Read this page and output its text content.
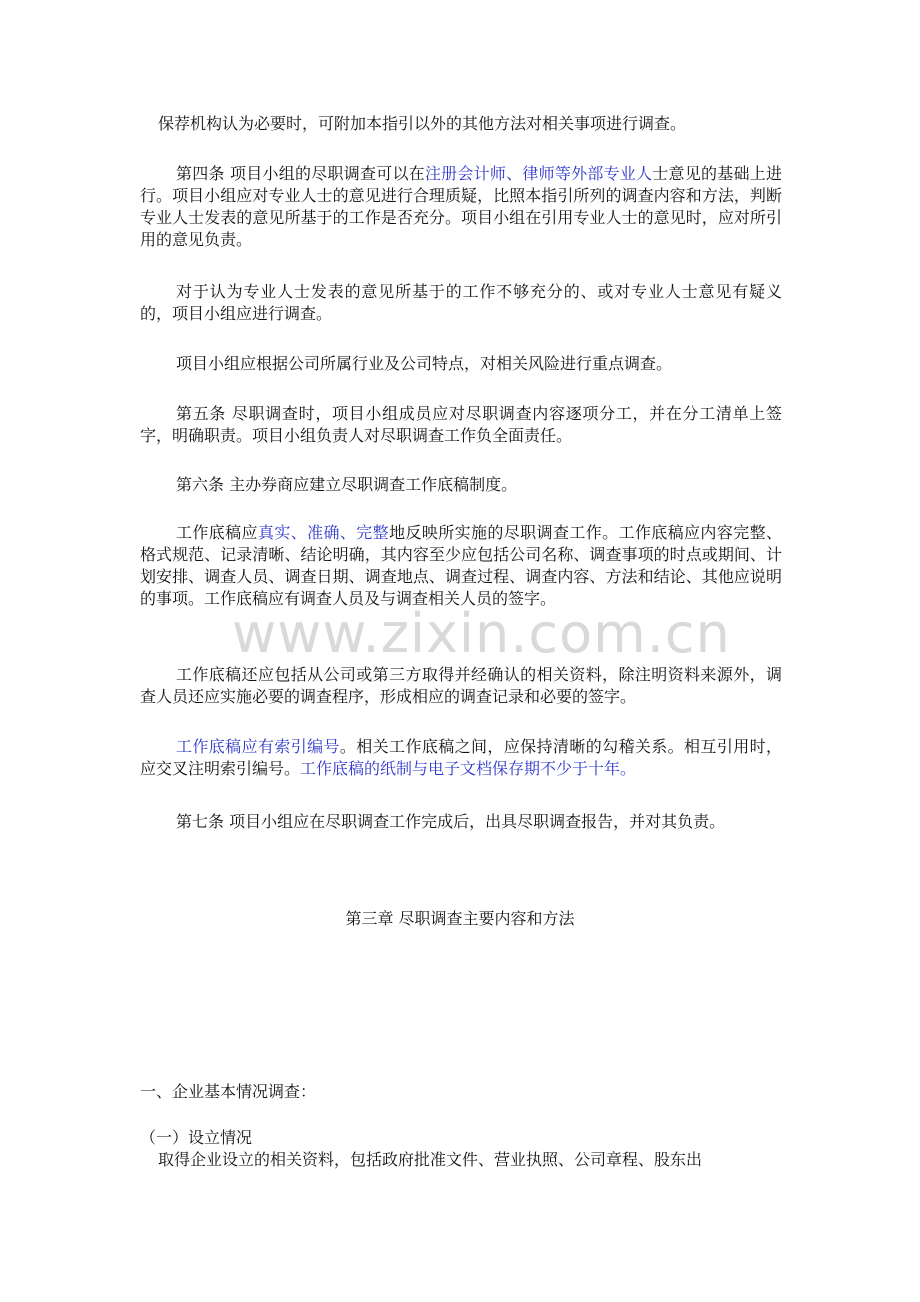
保荐机构认为必要时，可附加本指引以外的其他方法对相关事项进行调查。

第四条 项目小组的尽职调查可以在注册会计师、律师等外部专业人士意见的基础上进行。项目小组应对专业人士的意见进行合理质疑，比照本指引所列的调查内容和方法，判断专业人士发表的意见所基于的工作是否充分。项目小组在引用专业人士的意见时，应对所引用的意见负责。

对于认为专业人士发表的意见所基于的工作不够充分的、或对专业人士意见有疑义的，项目小组应进行调查。

项目小组应根据公司所属行业及公司特点，对相关风险进行重点调查。

第五条 尽职调查时，项目小组成员应对尽职调查内容逐项分工，并在分工清单上签字，明确职责。项目小组负责人对尽职调查工作负全面责任。

第六条 主办券商应建立尽职调查工作底稿制度。

工作底稿应真实、准确、完整地反映所实施的尽职调查工作。工作底稿应内容完整、格式规范、记录清晰、结论明确，其内容至少应包括公司名称、调查事项的时点或期间、计划安排、调查人员、调查日期、调查地点、调查过程、调查内容、方法和结论、其他应说明的事项。工作底稿应有调查人员及与调查相关人员的签字。

www.zixin.com.cn

工作底稿还应包括从公司或第三方取得并经确认的相关资料，除注明资料来源外，调查人员还应实施必要的调查程序，形成相应的调查记录和必要的签字。

工作底稿应有索引编号。相关工作底稿之间，应保持清晰的勾稽关系。相互引用时，应交叉注明索引编号。工作底稿的纸制与电子文档保存期不少于十年。

第七条 项目小组应在尽职调查工作完成后，出具尽职调查报告，并对其负责。

第三章 尽职调查主要内容和方法

一、企业基本情况调查：

（一）设立情况

取得企业设立的相关资料，包括政府批准文件、营业执照、公司章程、股东出
